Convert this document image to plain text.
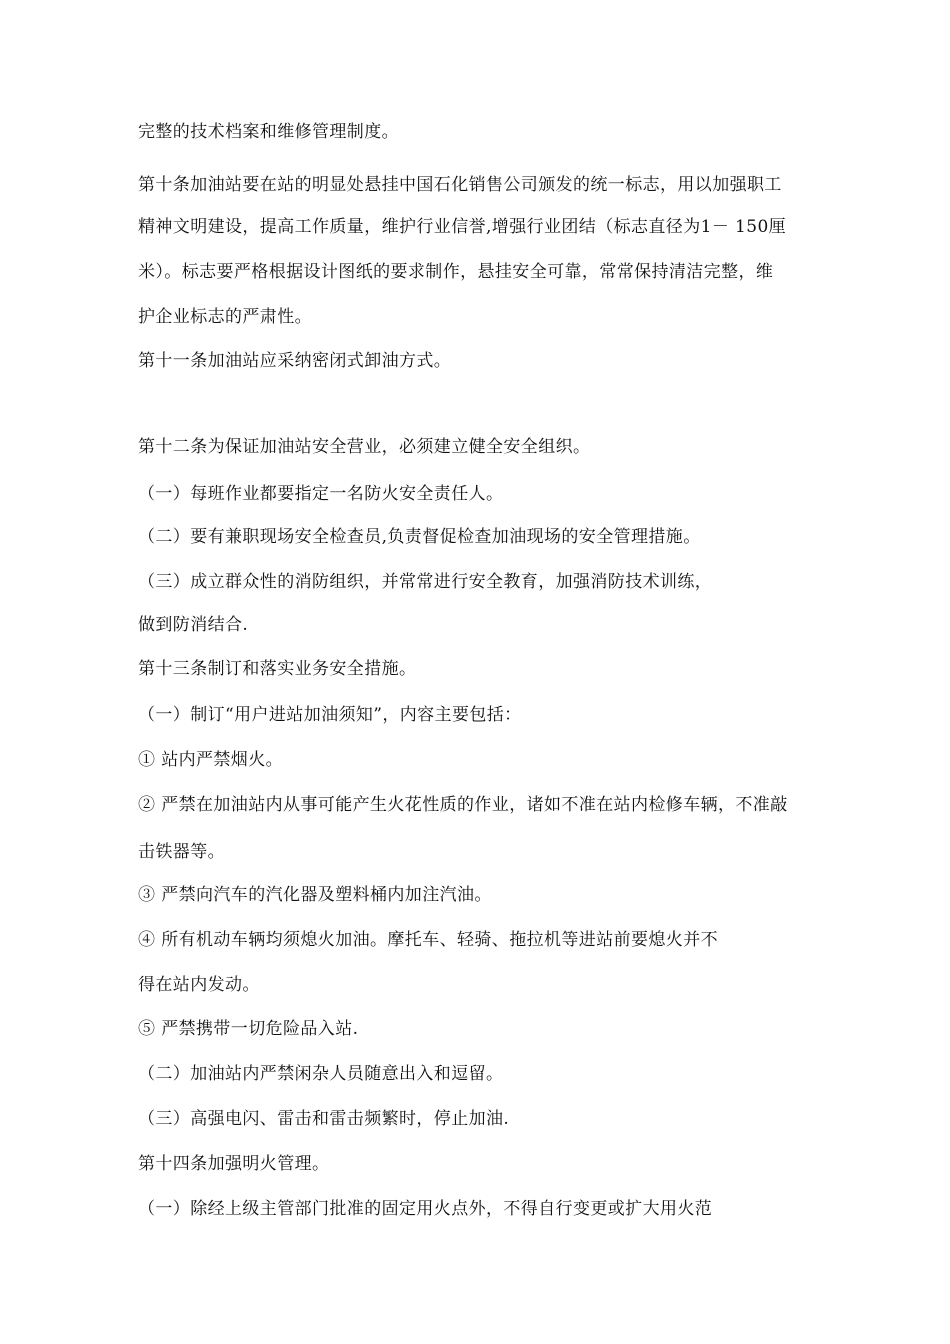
完整的技术档案和维修管理制度。
第十条加油站要在站的明显处悬挂中国石化销售公司颁发的统一标志，用以加强职工
精神文明建设，提高工作质量，维护行业信誉,增强行业团结（标志直径为1－ 150厘
米）。标志要严格根据设计图纸的要求制作，悬挂安全可靠，常常保持清洁完整，维
护企业标志的严肃性。
第十一条加油站应采纳密闭式卸油方式。
第十二条为保证加油站安全营业，必须建立健全安全组织。
（一）每班作业都要指定一名防火安全责任人。
（二）要有兼职现场安全检查员,负责督促检查加油现场的安全管理措施。
（三）成立群众性的消防组织，并常常进行安全教育，加强消防技术训练，
做到防消结合.
第十三条制订和落实业务安全措施。
（一）制订“用户进站加油须知”，内容主要包括：
① 站内严禁烟火。
② 严禁在加油站内从事可能产生火花性质的作业，诸如不准在站内检修车辆，不准敲
击铁器等。
③ 严禁向汽车的汽化器及塑料桶内加注汽油。
④ 所有机动车辆均须熄火加油。摩托车、轻骑、拖拉机等进站前要熄火并不
得在站内发动。
⑤ 严禁携带一切危险品入站.
（二）加油站内严禁闲杂人员随意出入和逗留。
（三）高强电闪、雷击和雷击频繁时，停止加油.
第十四条加强明火管理。
（一）除经上级主管部门批准的固定用火点外，不得自行变更或扩大用火范
